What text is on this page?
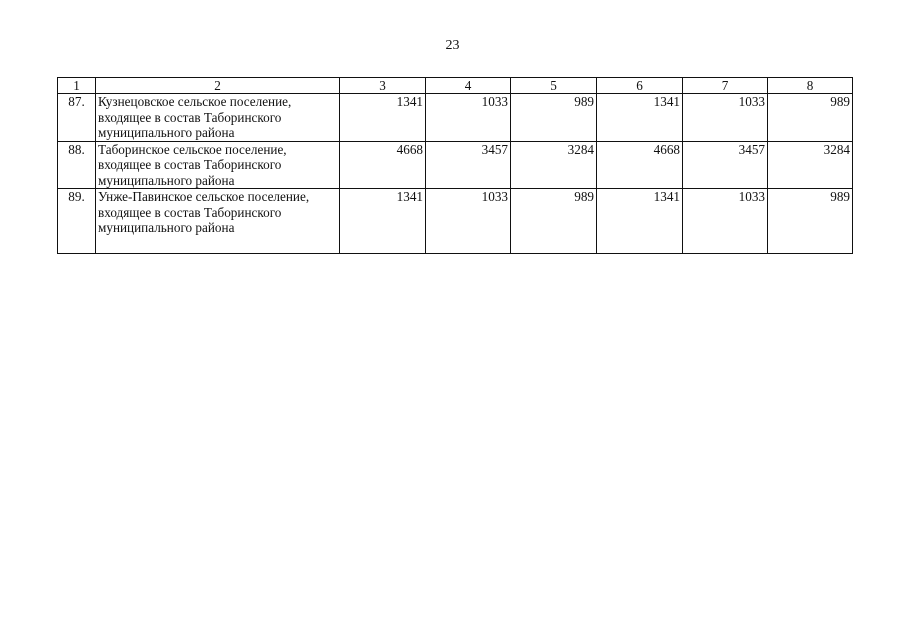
23
1	2	3	4	5	6	7	8
87.	Кузнецовское сельское поселение, входящее в состав Таборинского муниципального района	1341	1033	989	1341	1033	989
88.	Таборинское сельское поселение, входящее в состав Таборинского муниципального района	4668	3457	3284	4668	3457	3284
89.	Унже-Павинское сельское поселение, входящее в состав Таборинского муниципального района	1341	1033	989	1341	1033	989
